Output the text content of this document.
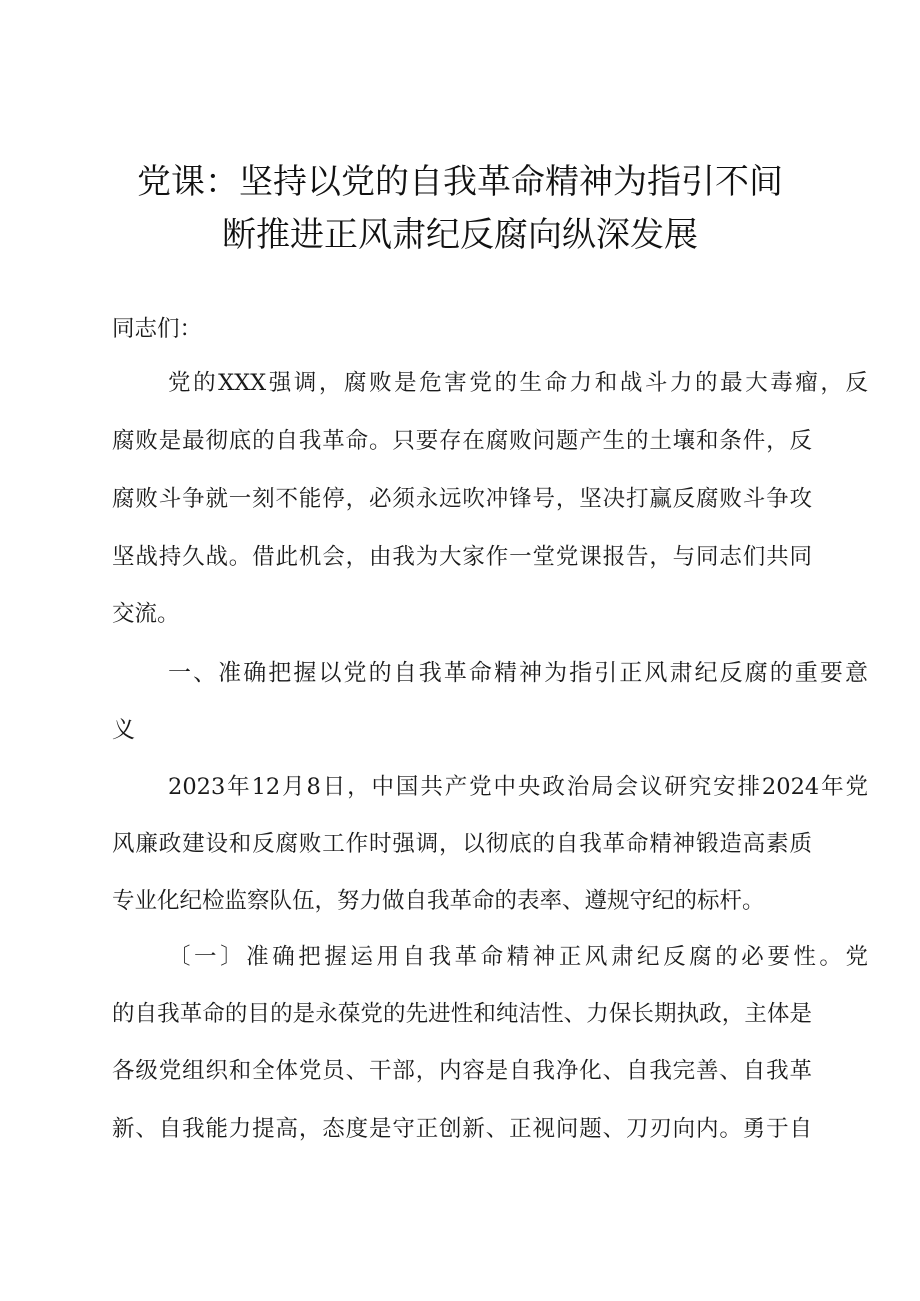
党课：坚持以党的自我革命精神为指引不间
断推进正风肃纪反腐向纵深发展
同志们：
党的XXX强调，腐败是危害党的生命力和战斗力的最大毒瘤，反
腐败是最彻底的自我革命。只要存在腐败问题产生的土壤和条件，反
腐败斗争就一刻不能停，必须永远吹冲锋号，坚决打赢反腐败斗争攻
坚战持久战。借此机会，由我为大家作一堂党课报告，与同志们共同
交流。
一、准确把握以党的自我革命精神为指引正风肃纪反腐的重要意
义
2023年12月8日，中国共产党中央政治局会议研究安排2024年党
风廉政建设和反腐败工作时强调，以彻底的自我革命精神锻造高素质
专业化纪检监察队伍，努力做自我革命的表率、遵规守纪的标杆。
〔一〕准确把握运用自我革命精神正风肃纪反腐的必要性。党
的自我革命的目的是永葆党的先进性和纯洁性、力保长期执政，主体是
各级党组织和全体党员、干部，内容是自我净化、自我完善、自我革
新、自我能力提高，态度是守正创新、正视问题、刀刃向内。勇于自
